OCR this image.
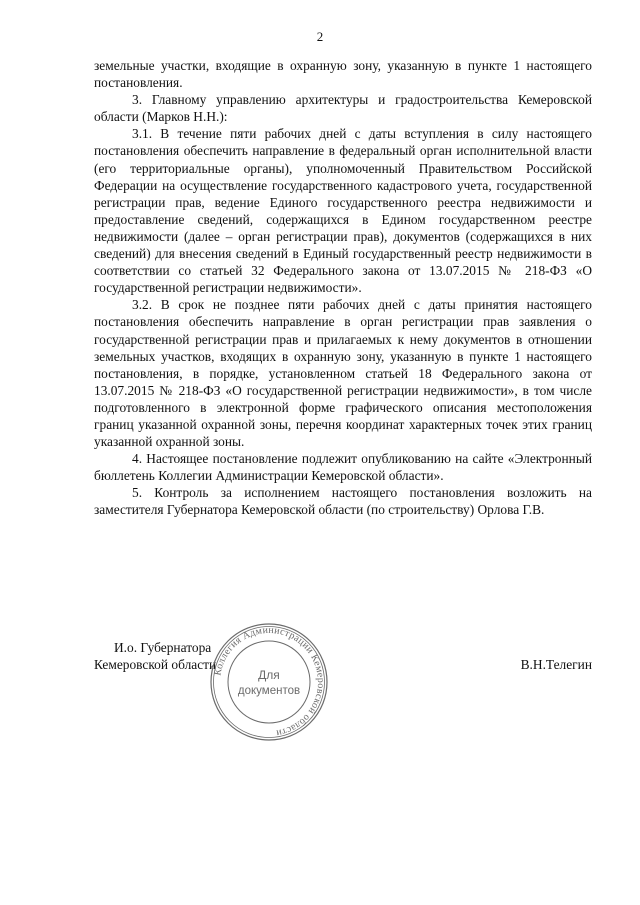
2

земельные участки, входящие в охранную зону, указанную в пункте 1 настоящего постановления.

3. Главному управлению архитектуры и градостроительства Кемеровской области (Марков Н.Н.):

3.1. В течение пяти рабочих дней с даты вступления в силу настоящего постановления обеспечить направление в федеральный орган исполнительной власти (его территориальные органы), уполномоченный Правительством Российской Федерации на осуществление государственного кадастрового учета, государственной регистрации прав, ведение Единого государственного реестра недвижимости и предоставление сведений, содержащихся в Едином государственном реестре недвижимости (далее – орган регистрации прав), документов (содержащихся в них сведений) для внесения сведений в Единый государственный реестр недвижимости в соответствии со статьей 32 Федерального закона от 13.07.2015 № 218-ФЗ «О государственной регистрации недвижимости».

3.2. В срок не позднее пяти рабочих дней с даты принятия настоящего постановления обеспечить направление в орган регистрации прав заявления о государственной регистрации прав и прилагаемых к нему документов в отношении земельных участков, входящих в охранную зону, указанную в пункте 1 настоящего постановления, в порядке, установленном статьей 18 Федерального закона от 13.07.2015 № 218-ФЗ «О государственной регистрации недвижимости», в том числе подготовленного в электронной форме графического описания местоположения границ указанной охранной зоны, перечня координат характерных точек этих границ указанной охранной зоны.

4. Настоящее постановление подлежит опубликованию на сайте «Электронный бюллетень Коллегии Администрации Кемеровской области».

5. Контроль за исполнением настоящего постановления возложить на заместителя Губернатора Кемеровской области (по строительству) Орлова Г.В.

И.о. Губернатора
Кемеровской области	В.Н.Телегин
Коллегия Администрации Кемеровской области
Для
документов
